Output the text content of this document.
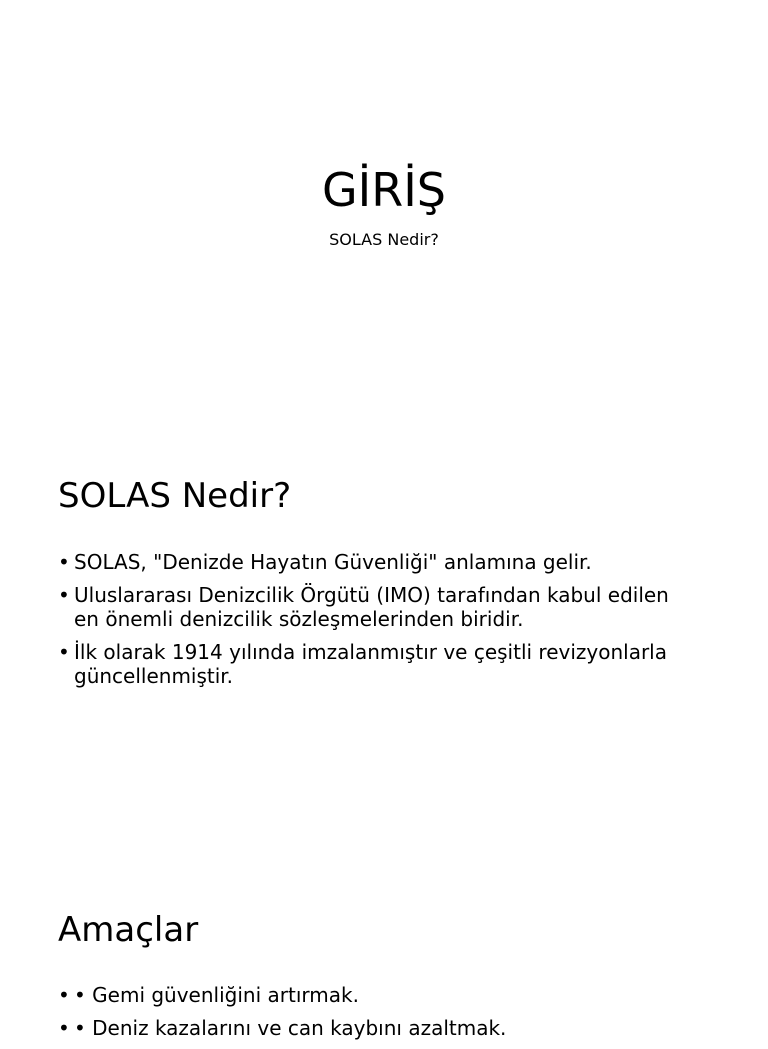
GİRİŞ
SOLAS Nedir?
SOLAS Nedir?
• SOLAS, "Denizde Hayatın Güvenliği" anlamına gelir.
• Uluslararası Denizcilik Örgütü (IMO) tarafından kabul edilen en önemli denizcilik sözleşmelerinden biridir.
• İlk olarak 1914 yılında imzalanmıştır ve çeşitli revizyonlarla güncellenmiştir.
Amaçlar
• • Gemi güvenliğini artırmak.
• • Deniz kazalarını ve can kaybını azaltmak.
